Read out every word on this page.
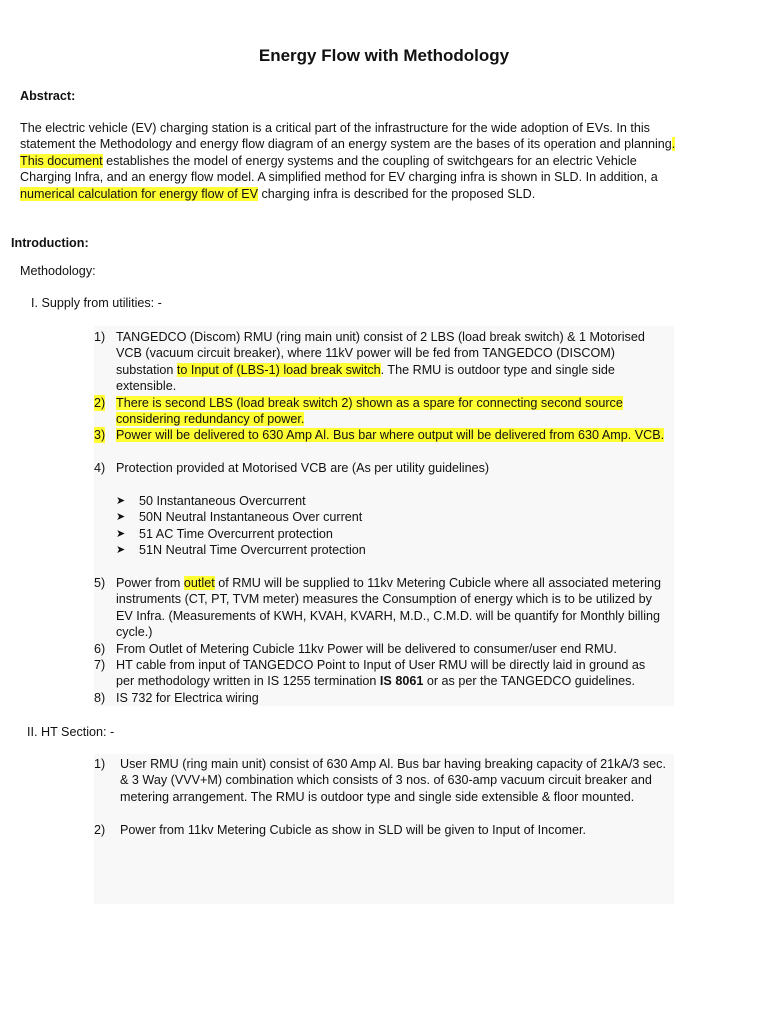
Energy Flow with Methodology
Abstract:
The electric vehicle (EV) charging station is a critical part of the infrastructure for the wide adoption of EVs. In this statement the Methodology and energy flow diagram of an energy system are the bases of its operation and planning. This document establishes the model of energy systems and the coupling of switchgears for an electric Vehicle Charging Infra, and an energy flow model. A simplified method for EV charging infra is shown in SLD. In addition, a numerical calculation for energy flow of EV charging infra is described for the proposed SLD.
Introduction:
Methodology:
I. Supply from utilities: -
1) TANGEDCO (Discom) RMU (ring main unit) consist of 2 LBS (load break switch) & 1 Motorised VCB (vacuum circuit breaker), where 11kV power will be fed from TANGEDCO (DISCOM) substation to Input of (LBS-1) load break switch. The RMU is outdoor type and single side extensible.
2) There is second LBS (load break switch 2) shown as a spare for connecting second source considering redundancy of power.
3) Power will be delivered to 630 Amp Al. Bus bar where output will be delivered from 630 Amp. VCB.
4) Protection provided at Motorised VCB are (As per utility guidelines)
➤ 50 Instantaneous Overcurrent
➤ 50N Neutral Instantaneous Over current
➤ 51 AC Time Overcurrent protection
➤ 51N Neutral Time Overcurrent protection
5) Power from outlet of RMU will be supplied to 11kv Metering Cubicle where all associated metering instruments (CT, PT, TVM meter) measures the Consumption of energy which is to be utilized by EV Infra. (Measurements of KWH, KVAH, KVARH, M.D., C.M.D. will be quantify for Monthly billing cycle.)
6) From Outlet of Metering Cubicle 11kv Power will be delivered to consumer/user end RMU.
7) HT cable from input of TANGEDCO Point to Input of User RMU will be directly laid in ground as per methodology written in IS 1255 termination IS 8061 or as per the TANGEDCO guidelines.
8) IS 732 for Electrica wiring
II. HT Section: -
1) User RMU (ring main unit) consist of 630 Amp Al. Bus bar having breaking capacity of 21kA/3 sec. & 3 Way (VVV+M) combination which consists of 3 nos. of 630-amp vacuum circuit breaker and metering arrangement. The RMU is outdoor type and single side extensible & floor mounted.
2) Power from 11kv Metering Cubicle as show in SLD will be given to Input of Incomer.
